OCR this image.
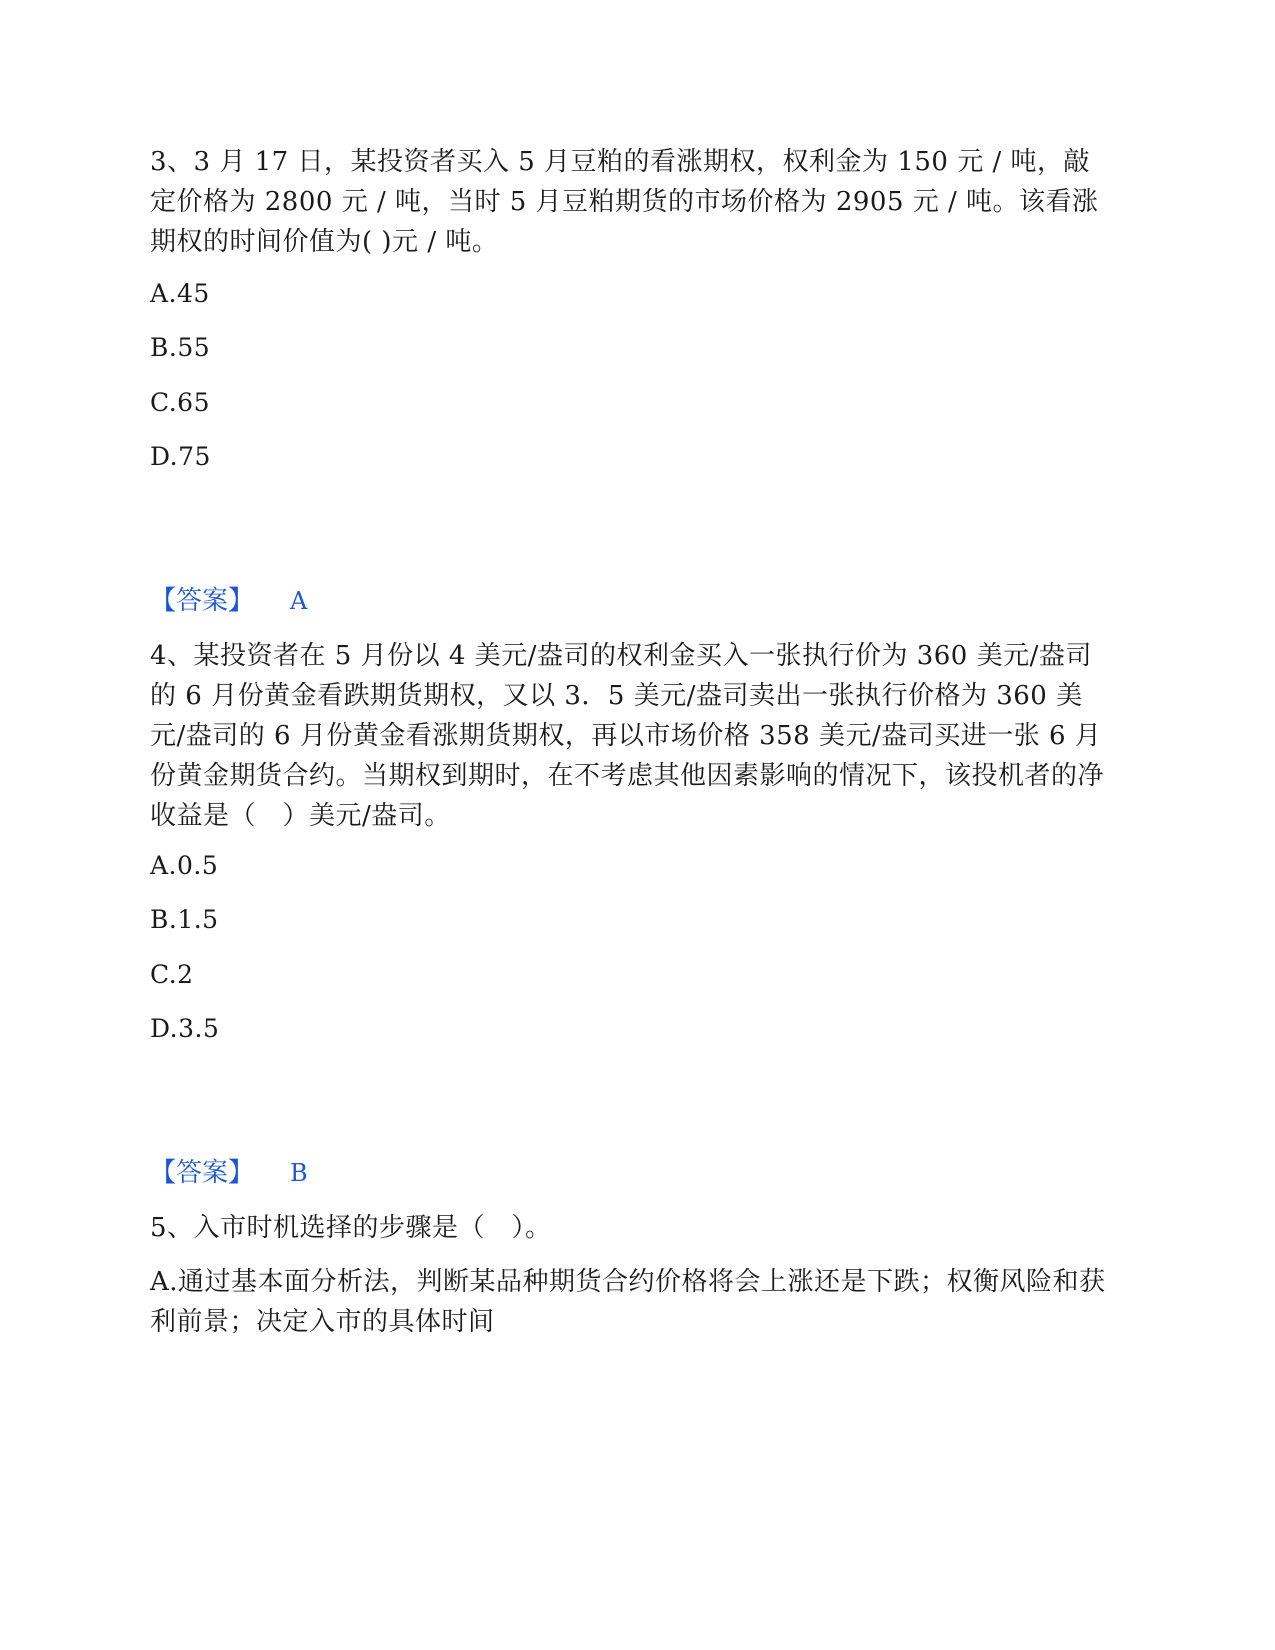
3、3 月 17 日，某投资者买入 5 月豆粕的看涨期权，权利金为 150 元 / 吨，敲定价格为 2800 元 / 吨，当时 5 月豆粕期货的市场价格为 2905 元 / 吨。该看涨期权的时间价值为( )元 / 吨。
A.45
B.55
C.65
D.75
【答案】 A
4、某投资者在 5 月份以 4 美元/盎司的权利金买入一张执行价为 360 美元/盎司的 6 月份黄金看跌期货期权，又以 3．5 美元/盎司卖出一张执行价格为 360 美元/盎司的 6 月份黄金看涨期货期权，再以市场价格 358 美元/盎司买进一张 6 月份黄金期货合约。当期权到期时，在不考虑其他因素影响的情况下，该投机者的净收益是（　）美元/盎司。
A.0.5
B.1.5
C.2
D.3.5
【答案】 B
5、入市时机选择的步骤是（　）。
A.通过基本面分析法，判断某品种期货合约价格将会上涨还是下跌；权衡风险和获利前景；决定入市的具体时间
